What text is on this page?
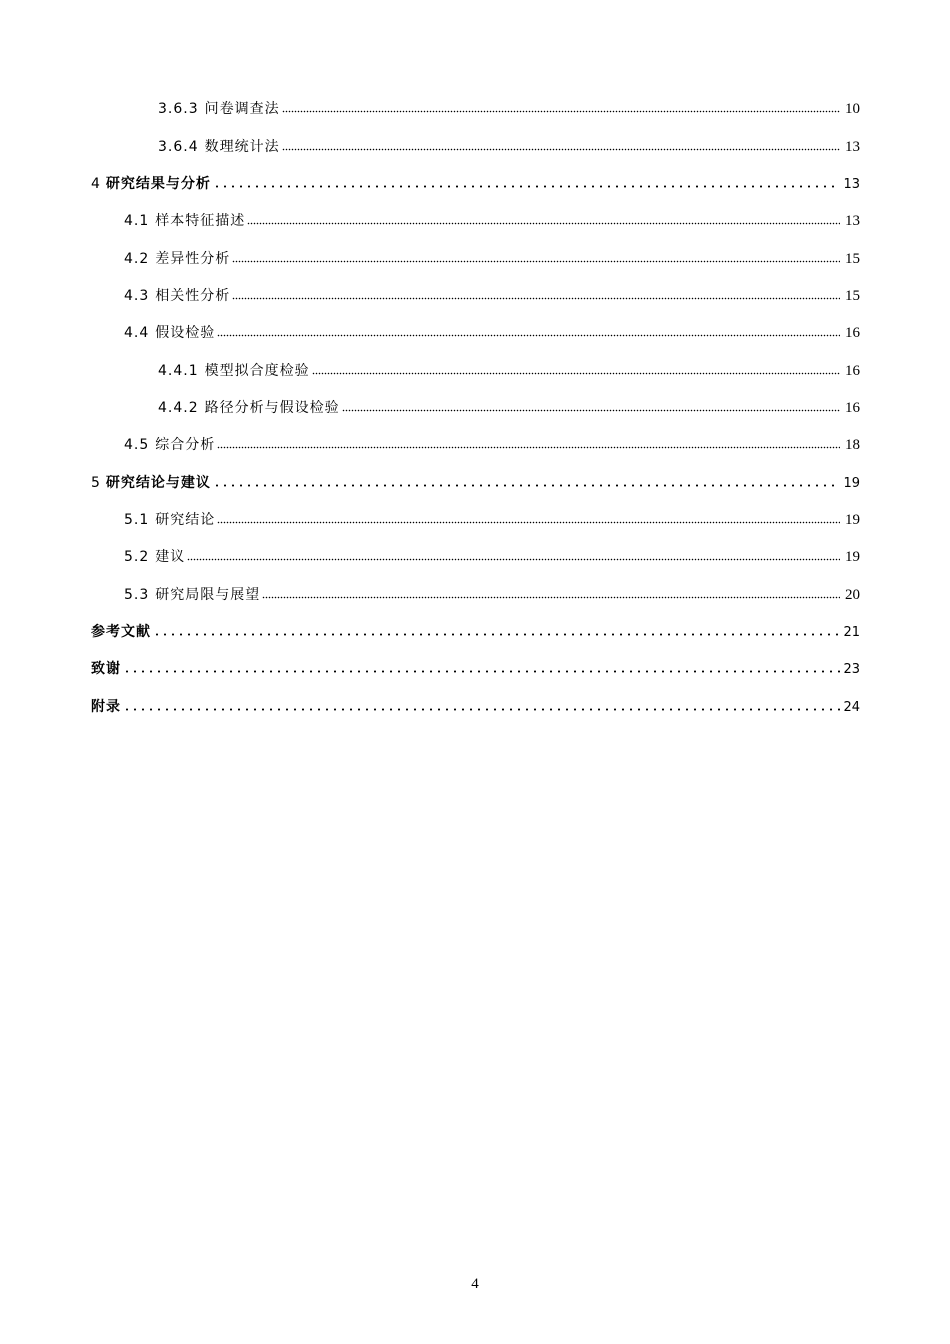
3.6.3 问卷调查法	10
3.6.4 数理统计法	13
4 研究结果与分析	13
4.1 样本特征描述	13
4.2 差异性分析	15
4.3 相关性分析	15
4.4 假设检验	16
4.4.1 模型拟合度检验	16
4.4.2 路径分析与假设检验	16
4.5 综合分析	18
5 研究结论与建议	19
5.1 研究结论	19
5.2 建议	19
5.3 研究局限与展望	20
参考文献	21
致谢	23
附录	24
4
